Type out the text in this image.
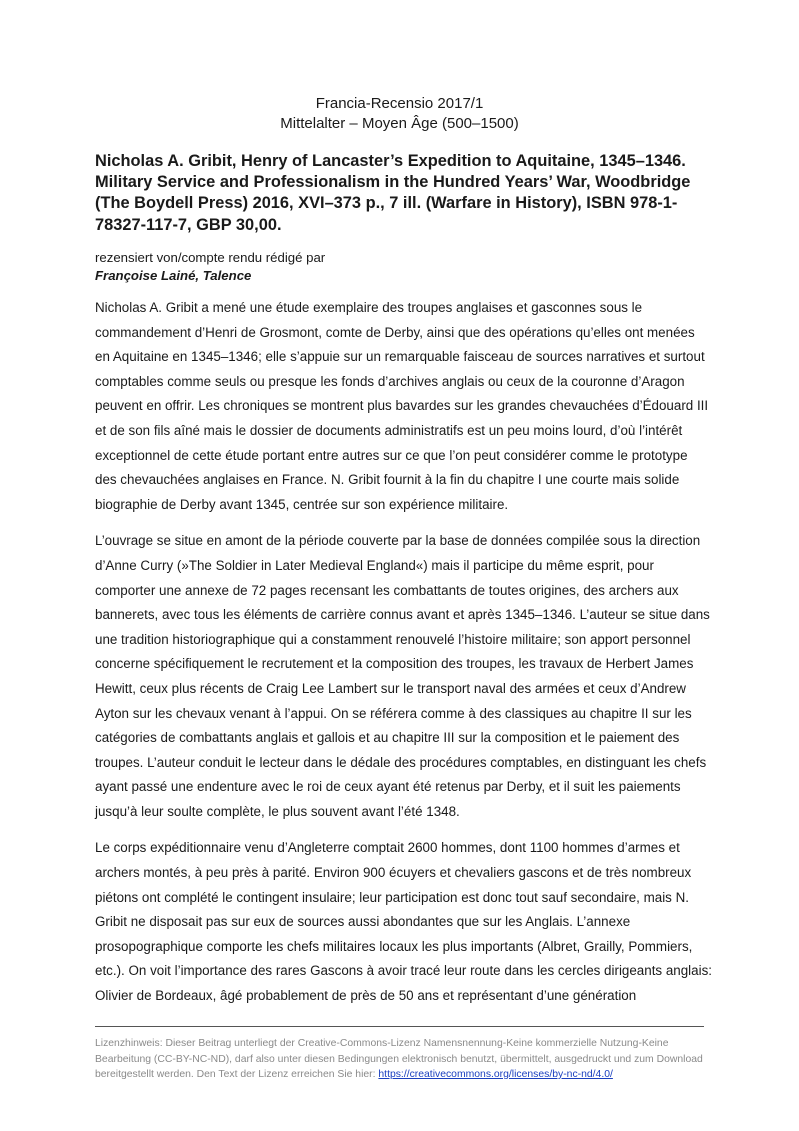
Francia-Recensio 2017/1
Mittelalter – Moyen Âge (500–1500)
Nicholas A. Gribit, Henry of Lancaster’s Expedition to Aquitaine, 1345–1346. Military Service and Professionalism in the Hundred Years’ War, Woodbridge (The Boydell Press) 2016, XVI–373 p., 7 ill. (Warfare in History), ISBN 978-1-78327-117-7, GBP 30,00.
rezensiert von/compte rendu rédigé par
Françoise Lainé, Talence

Nicholas A. Gribit a mené une étude exemplaire des troupes anglaises et gasconnes sous le commandement d’Henri de Grosmont, comte de Derby, ainsi que des opérations qu’elles ont menées en Aquitaine en 1345–1346; elle s’appuie sur un remarquable faisceau de sources narratives et surtout comptables comme seuls ou presque les fonds d’archives anglais ou ceux de la couronne d’Aragon peuvent en offrir. Les chroniques se montrent plus bavardes sur les grandes chevauchées d’Édouard III et de son fils aîné mais le dossier de documents administratifs est un peu moins lourd, d’où l’intérêt exceptionnel de cette étude portant entre autres sur ce que l’on peut considérer comme le prototype des chevauchées anglaises en France. N. Gribit fournit à la fin du chapitre I une courte mais solide biographie de Derby avant 1345, centrée sur son expérience militaire.

L’ouvrage se situe en amont de la période couverte par la base de données compilée sous la direction d’Anne Curry (»The Soldier in Later Medieval England«) mais il participe du même esprit, pour comporter une annexe de 72 pages recensant les combattants de toutes origines, des archers aux bannerets, avec tous les éléments de carrière connus avant et après 1345–1346. L’auteur se situe dans une tradition historiographique qui a constamment renouvelé l’histoire militaire; son apport personnel concerne spécifiquement le recrutement et la composition des troupes, les travaux de Herbert James Hewitt, ceux plus récents de Craig Lee Lambert sur le transport naval des armées et ceux d’Andrew Ayton sur les chevaux venant à l’appui. On se référera comme à des classiques au chapitre II sur les catégories de combattants anglais et gallois et au chapitre III sur la composition et le paiement des troupes. L’auteur conduit le lecteur dans le dédale des procédures comptables, en distinguant les chefs ayant passé une endenture avec le roi de ceux ayant été retenus par Derby, et il suit les paiements jusqu’à leur soulte complète, le plus souvent avant l’été 1348.

Le corps expéditionnaire venu d’Angleterre comptait 2600 hommes, dont 1100 hommes d’armes et archers montés, à peu près à parité. Environ 900 écuyers et chevaliers gascons et de très nombreux piétons ont complété le contingent insulaire; leur participation est donc tout sauf secondaire, mais N. Gribit ne disposait pas sur eux de sources aussi abondantes que sur les Anglais. L’annexe prosopographique comporte les chefs militaires locaux les plus importants (Albret, Grailly, Pommiers, etc.). On voit l’importance des rares Gascons à avoir tracé leur route dans les cercles dirigeants anglais: Olivier de Bordeaux, âgé probablement de près de 50 ans et représentant d’une génération

Lizenzhinweis: Dieser Beitrag unterliegt der Creative-Commons-Lizenz Namensnennung-Keine kommerzielle Nutzung-Keine Bearbeitung (CC-BY-NC-ND), darf also unter diesen Bedingungen elektronisch benutzt, übermittelt, ausgedruckt und zum Download bereitgestellt werden. Den Text der Lizenz erreichen Sie hier: https://creativecommons.org/licenses/by-nc-nd/4.0/
